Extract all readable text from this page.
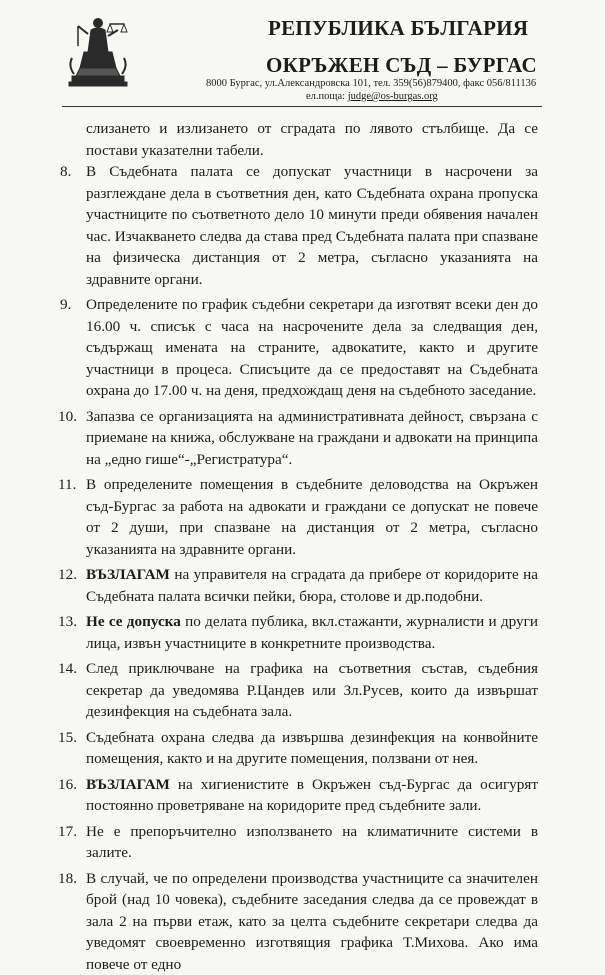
РЕПУБЛИКА БЪЛГАРИЯ
ОКРЪЖЕН СЪД – БУРГАС
8000 Бургас, ул.Александровска 101, тел. 359(56)879400, факс 056/811136
ел.поща: judge@os-burgas.org
слизането и излизането от сградата по лявото стълбище. Да се постави указателни табели.
8. В Съдебната палата се допускат участници в насрочени за разглеждане дела в съответния ден, като Съдебната охрана пропуска участниците по съответното дело 10 минути преди обявения начален час. Изчакването следва да става пред Съдебната палата при спазване на физическа дистанция от 2 метра, съгласно указанията на здравните органи.
9. Определените по график съдебни секретари да изготвят всеки ден до 16.00 ч. списък с часа на насрочените дела за следващия ден, съдържащ имената на страните, адвокатите, както и другите участници в процеса. Списъците да се предоставят на Съдебната охрана до 17.00 ч. на деня, предхождащ деня на съдебното заседание.
10. Запазва се организацията на административната дейност, свързана с приемане на книжа, обслужване на граждани и адвокати на принципа на „едно гише“-„Регистратура“.
11. В определените помещения в съдебните деловодства на Окръжен съд-Бургас за работа на адвокати и граждани се допускат не повече от 2 души, при спазване на дистанция от 2 метра, съгласно указанията на здравните органи.
12. ВЪЗЛАГАМ на управителя на сградата да прибере от коридорите на Съдебната палата всички пейки, бюра, столове и др.подобни.
13. Не се допуска по делата публика, вкл.стажанти, журналисти и други лица, извън участниците в конкретните производства.
14. След приключване на графика на съответния състав, съдебния секретар да уведомява Р.Цандев или Зл.Русев, които да извършат дезинфекция на съдебната зала.
15. Съдебната охрана следва да извършва дезинфекция на конвойните помещения, както и на другите помещения, ползвани от нея.
16. ВЪЗЛАГАМ на хигиенистите в Окръжен съд-Бургас да осигурят постоянно проветряване на коридорите пред съдебните зали.
17. Не е препоръчително използването на климатичните системи в залите.
18. В случай, че по определени производства участниците са значителен брой (над 10 човека), съдебните заседания следва да се провеждат в зала 2 на първи етаж, като за целта съдебните секретари следва да уведомят своевременно изготвящия графика Т.Михова. Ако има повече от едно
